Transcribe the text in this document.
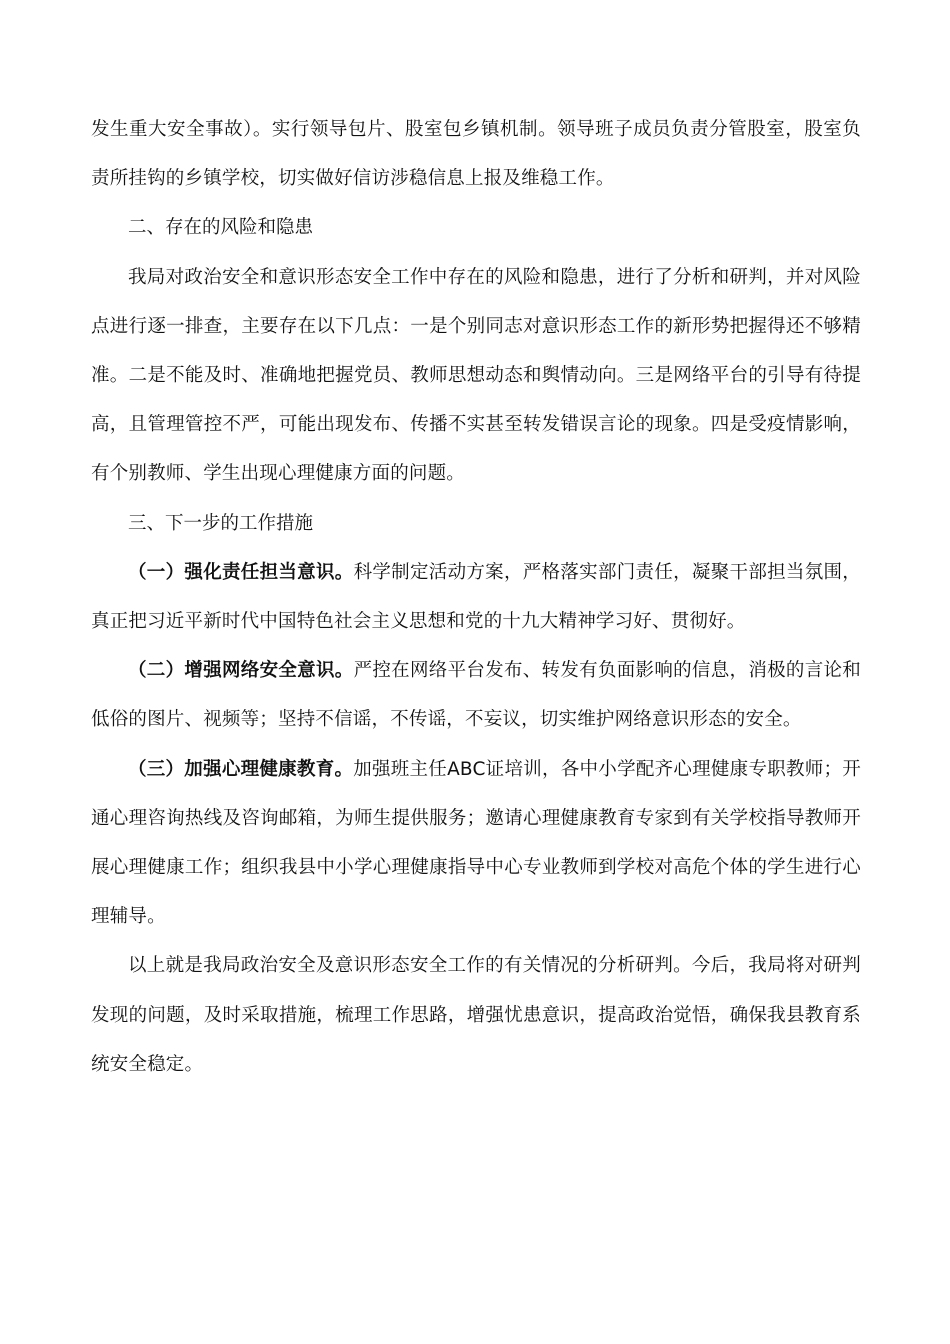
发生重大安全事故）。实行领导包片、股室包乡镇机制。领导班子成员负责分管股室，股室负责所挂钩的乡镇学校，切实做好信访涉稳信息上报及维稳工作。

二、存在的风险和隐患

我局对政治安全和意识形态安全工作中存在的风险和隐患，进行了分析和研判，并对风险点进行逐一排查，主要存在以下几点：一是个别同志对意识形态工作的新形势把握得还不够精准。二是不能及时、准确地把握党员、教师思想动态和舆情动向。三是网络平台的引导有待提高，且管理管控不严，可能出现发布、传播不实甚至转发错误言论的现象。四是受疫情影响，有个别教师、学生出现心理健康方面的问题。

三、下一步的工作措施

（一）强化责任担当意识。科学制定活动方案，严格落实部门责任，凝聚干部担当氛围，真正把习近平新时代中国特色社会主义思想和党的十九大精神学习好、贯彻好。

（二）增强网络安全意识。严控在网络平台发布、转发有负面影响的信息，消极的言论和低俗的图片、视频等；坚持不信谣，不传谣，不妄议，切实维护网络意识形态的安全。

（三）加强心理健康教育。加强班主任ABC证培训，各中小学配齐心理健康专职教师；开通心理咨询热线及咨询邮箱，为师生提供服务；邀请心理健康教育专家到有关学校指导教师开展心理健康工作；组织我县中小学心理健康指导中心专业教师到学校对高危个体的学生进行心理辅导。

以上就是我局政治安全及意识形态安全工作的有关情况的分析研判。今后，我局将对研判发现的问题，及时采取措施，梳理工作思路，增强忧患意识，提高政治觉悟，确保我县教育系统安全稳定。
